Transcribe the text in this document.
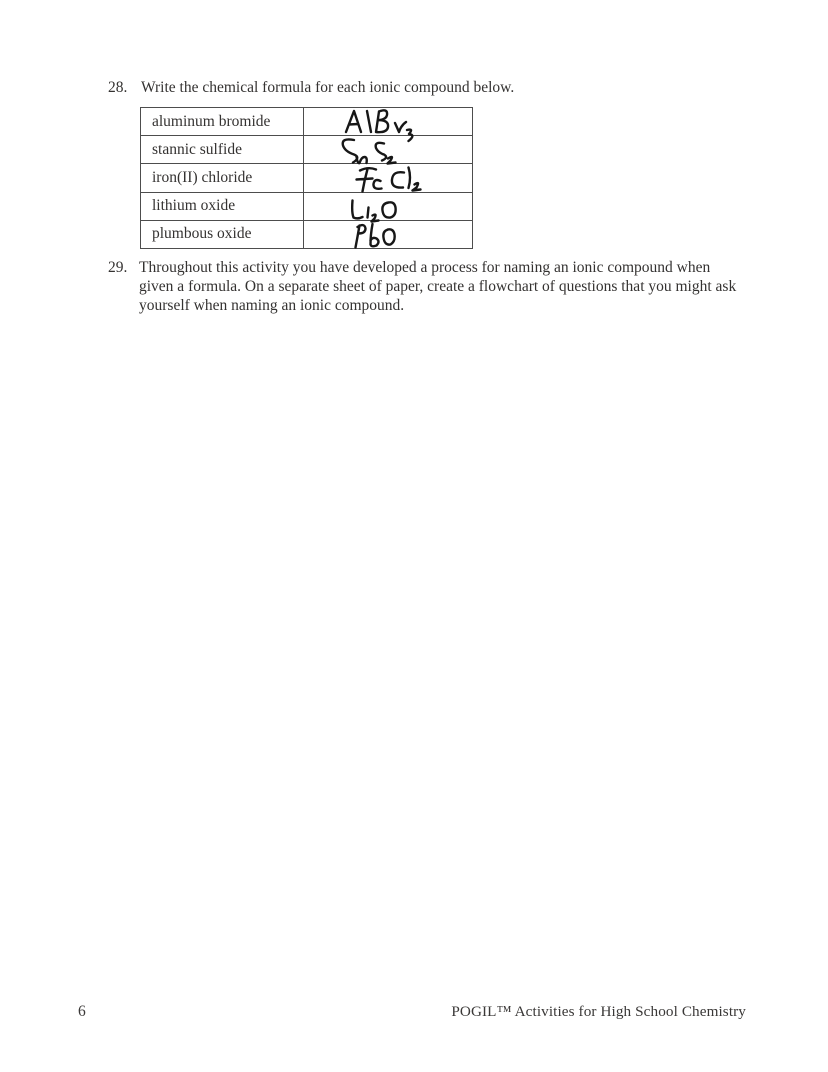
28. Write the chemical formula for each ionic compound below.
aluminum bromide
stannic sulfide
iron(II) chloride
lithium oxide
plumbous oxide
29. Throughout this activity you have developed a process for naming an ionic compound when given a formula. On a separate sheet of paper, create a flowchart of questions that you might ask yourself when naming an ionic compound.
6	POGIL™ Activities for High School Chemistry
